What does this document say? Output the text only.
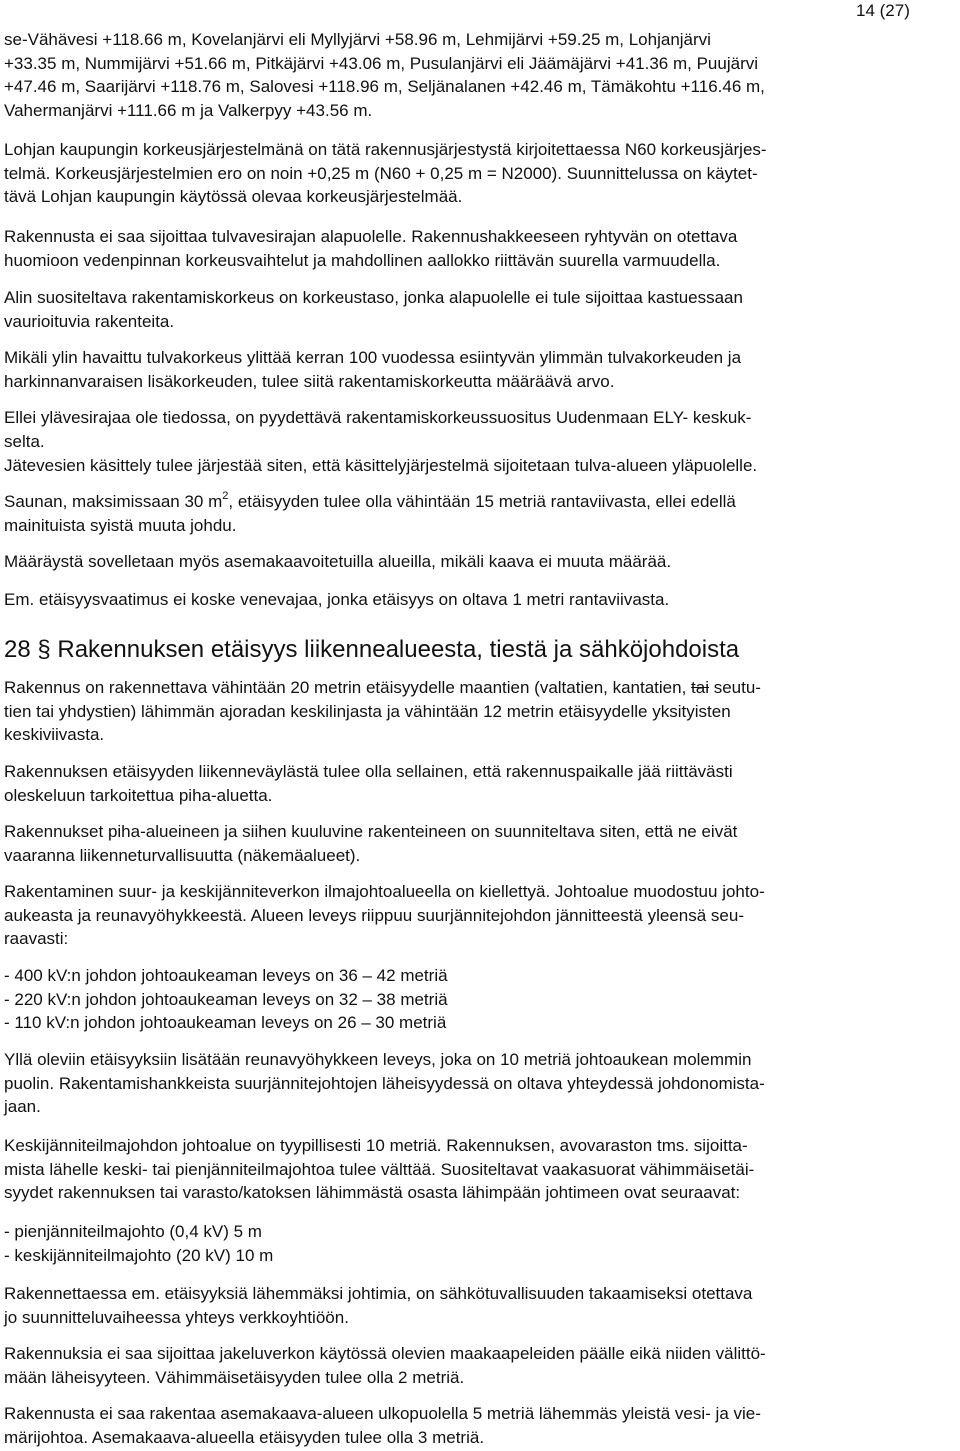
14 (27)

se-Vähävesi +118.66 m, Kovelanjärvi eli Myllyjärvi +58.96 m, Lehmijärvi +59.25 m, Lohjanjärvi
+33.35 m, Nummijärvi +51.66 m, Pitkäjärvi +43.06 m, Pusulanjärvi eli Jäämäjärvi +41.36 m, Puujärvi
+47.46 m, Saarijärvi +118.76 m, Salovesi +118.96 m, Seljänalanen +42.46 m, Tämäkohtu +116.46 m,
Vahermanjärvi +111.66 m ja Valkerpyy +43.56 m.

Lohjan kaupungin korkeusjärjestelmänä on tätä rakennusjärjestystä kirjoitettaessa N60 korkeusjärjes-
telmä. Korkeusjärjestelmien ero on noin +0,25 m (N60 + 0,25 m = N2000). Suunnittelussa on käytet-
tävä Lohjan kaupungin käytössä olevaa korkeusjärjestelmää.

Rakennusta ei saa sijoittaa tulvavesirajan alapuolelle. Rakennushakkeeseen ryhtyvän on otettava
huomioon vedenpinnan korkeusvaihtelut ja mahdollinen aallokko riittävän suurella varmuudella.

Alin suositeltava rakentamiskorkeus on korkeustaso, jonka alapuolelle ei tule sijoittaa kastuessaan
vaurioituvia rakenteita.

Mikäli ylin havaittu tulvakorkeus ylittää kerran 100 vuodessa esiintyvän ylimmän tulvakorkeuden ja
harkinnanvaraisen lisäkorkeuden, tulee siitä rakentamiskorkeutta määräävä arvo.

Ellei ylävesirajaa ole tiedossa, on pyydettävä rakentamiskorkeussuositus Uudenmaan ELY- keskuk-
selta.

Jätevesien käsittely tulee järjestää siten, että käsittelyjärjestelmä sijoitetaan tulva-alueen yläpuolelle.

Saunan, maksimissaan 30 $m^2$, etäisyyden tulee olla vähintään 15 metriä rantaviivasta, ellei edellä
mainituista syistä muuta johdu.

Määräystä sovelletaan myös asemakaavoitetuilla alueilla, mikäli kaava ei muuta määrää.

Em. etäisyysvaatimus ei koske venevajaa, jonka etäisyys on oltava 1 metri rantaviivasta.

28 § Rakennuksen etäisyys liikennealueesta, tiestä ja sähköjohdoista

Rakennus on rakennettava vähintään 20 metrin etäisyydelle maantien (valtatien, kantatien, tai seutu-
tien tai yhdystien) lähimmän ajoradan keskilinjasta ja vähintään 12 metrin etäisyydelle yksityisten
keskiviivasta.

Rakennuksen etäisyyden liikenneväylästä tulee olla sellainen, että rakennuspaikalle jää riittävästi
oleskeluun tarkoitettua piha-aluetta.

Rakennukset piha-alueineen ja siihen kuuluvine rakenteineen on suunniteltava siten, että ne eivät
vaaranna liikenneturvallisuutta (näkemäalueet).

Rakentaminen suur- ja keskijänniteverkon ilmajohtoalueella on kiellettyä. Johtoalue muodostuu johto-
aukeasta ja reunavyöhykkeestä. Alueen leveys riippuu suurjännitejohdon jännitteestä yleensä seu-
raavasti:

- 400 kV:n johdon johtoaukeaman leveys on 36 – 42 metriä
- 220 kV:n johdon johtoaukeaman leveys on 32 – 38 metriä
- 110 kV:n johdon johtoaukeaman leveys on 26 – 30 metriä

Yllä oleviin etäisyyksiin lisätään reunavyöhykkeen leveys, joka on 10 metriä johtoaukean molemmin
puolin. Rakentamishankkeista suurjännitejohtojen läheisyydessä on oltava yhteydessä johdonomista-
jaan.

Keskijänniteilmajohdon johtoalue on tyypillisesti 10 metriä. Rakennuksen, avovaraston tms. sijoitta-
mista lähelle keski- tai pienjänniteilmajohtoa tulee välttää. Suositeltavat vaakasuorat vähimmäisetäi-
syydet rakennuksen tai varasto/katoksen lähimmästä osasta lähimpään johtimeen ovat seuraavat:

- pienjänniteilmajohto (0,4 kV) 5 m
- keskijänniteilmajohto (20 kV) 10 m

Rakennettaessa em. etäisyyksiä lähemmäksi johtimia, on sähkötuvallisuuden takaamiseksi otettava
jo suunnitteluvaiheessa yhteys verkkoyhtiöön.

Rakennuksia ei saa sijoittaa jakeluverkon käytössä olevien maakaapeleiden päälle eikä niiden välittö-
mään läheisyyteen. Vähimmäisetäisyyden tulee olla 2 metriä.

Rakennusta ei saa rakentaa asemakaava-alueen ulkopuolella 5 metriä lähemmäs yleistä vesi- ja vie-
märijohtoa. Asemakaava-alueella etäisyyden tulee olla 3 metriä.
